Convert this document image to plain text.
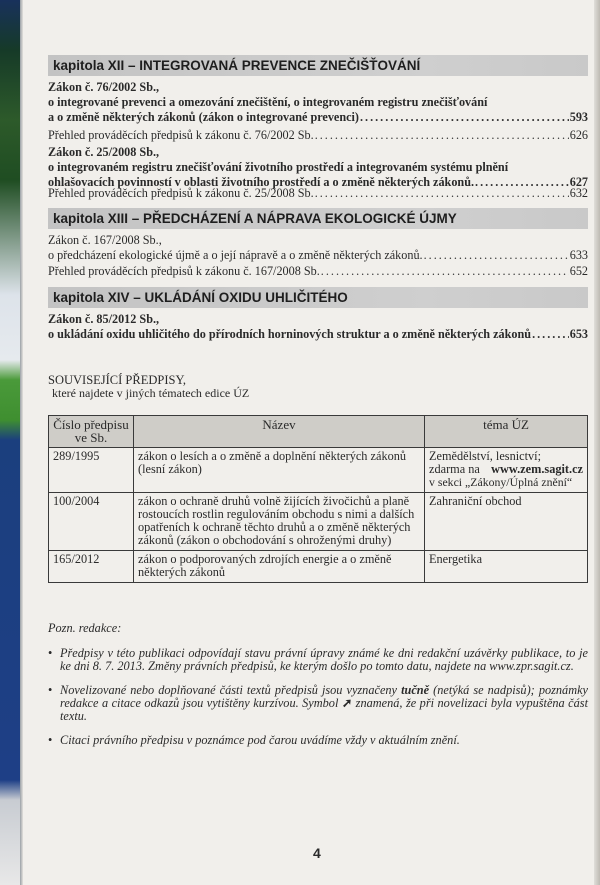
kapitola XII – INTEGROVANÁ PREVENCE ZNEČIŠŤOVÁNÍ
Zákon č. 76/2002 Sb.,
o integrované prevenci a omezování znečištění, o integrovaném registru znečišťování
a o změně některých zákonů (zákon o integrované prevenci) .....	593
Přehled prováděcích předpisů k zákonu č. 76/2002 Sb. .....	626
Zákon č. 25/2008 Sb.,
o integrovaném registru znečišťování životního prostředí a integrovaném systému plnění
ohlašovacích povinností v oblasti životního prostředí a o změně některých zákonů. .....	627
Přehled prováděcích předpisů k zákonu č. 25/2008 Sb. .....	632
kapitola XIII – PŘEDCHÁZENÍ A NÁPRAVA EKOLOGICKÉ ÚJMY
Zákon č. 167/2008 Sb.,
o předcházení ekologické újmě a o její nápravě a o změně některých zákonů. .....	633
Přehled prováděcích předpisů k zákonu č. 167/2008 Sb. .....	652
kapitola XIV – UKLÁDÁNÍ OXIDU UHLIČITÉHO
Zákon č. 85/2012 Sb.,
o ukládání oxidu uhličitého do přírodních horninových struktur a o změně některých zákonů .....	653
SOUVISEJÍCÍ PŘEDPISY,
které najdete v jiných tématech edice ÚZ
Číslo předpisu ve Sb.	Název	téma ÚZ
289/1995	zákon o lesích a o změně a doplnění některých zákonů (lesní zákon)	Zemědělství, lesnictví;
zdarma na www.zem.sagit.cz
v sekci „Zákony/Úplná znění“

100/2004	zákon o ochraně druhů volně žijících živočichů a planě rostoucích rostlin regulováním obchodu s nimi a dalších opatřeních k ochraně těchto druhů a o změně některých zákonů (zákon o obchodování s ohroženými druhy)	Zahraniční obchod
165/2012	zákon o podporovaných zdrojích energie a o změně některých zákonů	Energetika
Pozn. redakce:
• Předpisy v této publikaci odpovídají stavu právní úpravy známé ke dni redakční uzávěrky publikace, to je ke dni 8. 7. 2013. Změny právních předpisů, ke kterým došlo po tomto datu, najdete na www.zpr.sagit.cz.
• Novelizované nebo doplňované části textů předpisů jsou vyznačeny tučně (netýká se nadpisů); poznámky redakce a citace odkazů jsou vytištěny kurzívou. Symbol ➚ znamená, že při novelizaci byla vypuštěna část textu.
• Citaci právního předpisu v poznámce pod čarou uvádíme vždy v aktuálním znění.
4
